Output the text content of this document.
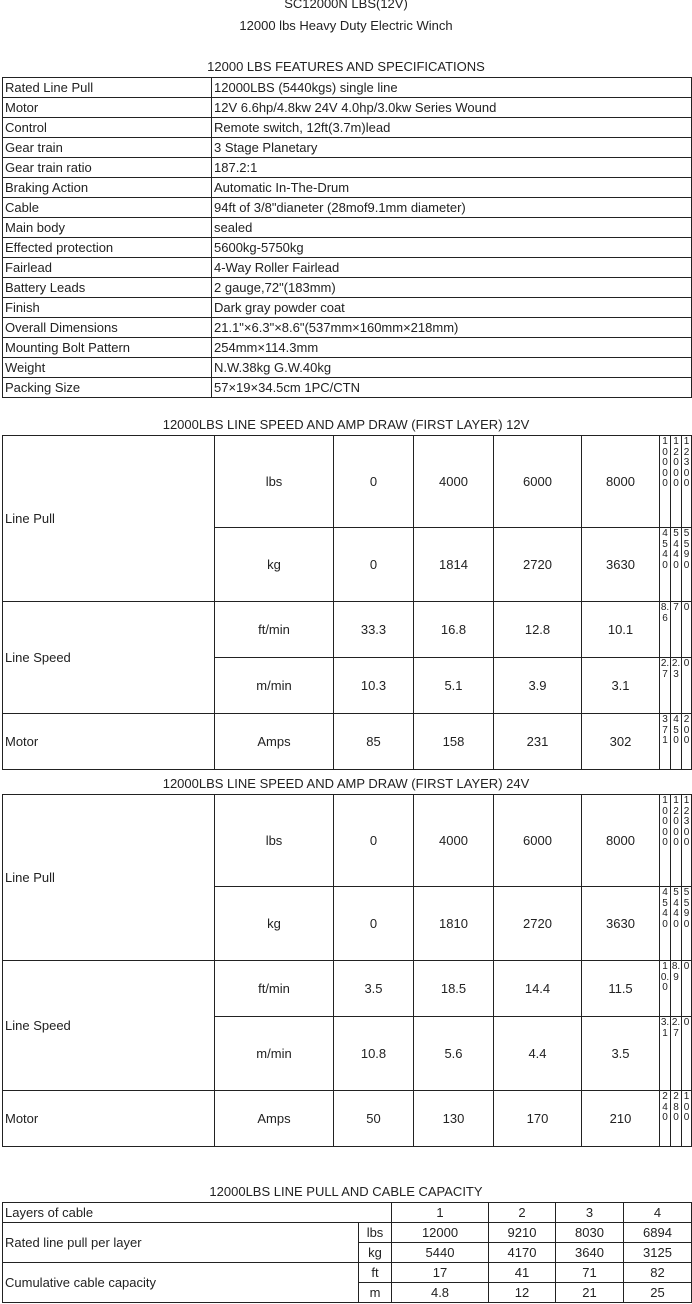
SC12000N LBS(12V)
12000 lbs Heavy Duty Electric Winch
12000 LBS FEATURES AND SPECIFICATIONS
Rated Line Pull	12000LBS (5440kgs) single line
Motor	12V 6.6hp/4.8kw 24V 4.0hp/3.0kw Series Wound
Control	Remote switch, 12ft(3.7m)lead
Gear train	3 Stage Planetary
Gear train ratio	187.2:1
Braking Action	Automatic In-The-Drum
Cable	94ft of 3/8"dianeter (28mof9.1mm diameter)
Main body	sealed
Effected protection	5600kg-5750kg
Fairlead	4-Way Roller Fairlead
Battery Leads	2 gauge,72"(183mm)
Finish	Dark gray powder coat
Overall Dimensions	21.1"×6.3"×8.6"(537mm×160mm×218mm)
Mounting Bolt Pattern	254mm×114.3mm
Weight	N.W.38kg G.W.40kg
Packing Size	57×19×34.5cm 1PC/CTN
12000LBS LINE SPEED AND AMP DRAW (FIRST LAYER) 12V
Line Pull	lbs	0	4000	6000	8000	10000	12000	12300

	kg	0	1814	2720	3630	4540	5440	5590

Line Speed	ft/min	33.3	16.8	12.8	10.1	8.6	7	0

	m/min	10.3	5.1	3.9	3.1	2.7	2.3	0

Motor	Amps	85	158	231	302	371	450	200
12000LBS LINE SPEED AND AMP DRAW (FIRST LAYER) 24V
Line Pull	lbs	0	4000	6000	8000	10000	12000	12300

	kg	0	1810	2720	3630	4540	5440	5590

Line Speed	ft/min	3.5	18.5	14.4	11.5	10.0	8.9	0

	m/min	10.8	5.6	4.4	3.5	3.1	2.7	0

Motor	Amps	50	130	170	210	240	280	100
12000LBS LINE PULL AND CABLE CAPACITY
Layers of cable		1	2	3	4
Rated line pull per layer	lbs	12000	9210	8030	6894
	kg	5440	4170	3640	3125
Cumulative cable capacity	ft	17	41	71	82
	m	4.8	12	21	25
